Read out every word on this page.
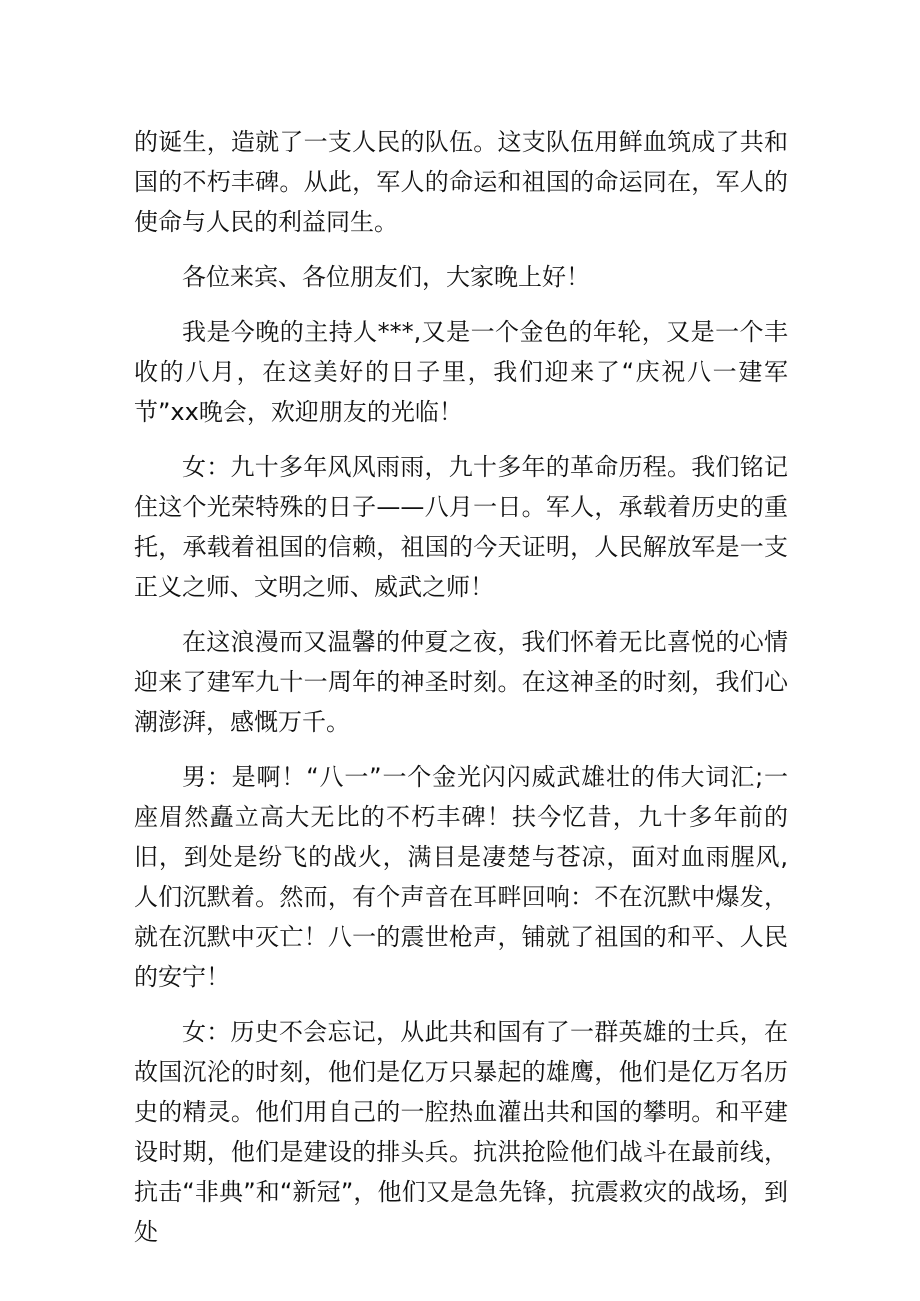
的诞生，造就了一支人民的队伍。这支队伍用鲜血筑成了共和国的不朽丰碑。从此，军人的命运和祖国的命运同在，军人的使命与人民的利益同生。

各位来宾、各位朋友们，大家晚上好！

我是今晚的主持人***,又是一个金色的年轮，又是一个丰收的八月，在这美好的日子里，我们迎来了“庆祝八一建军节”xx晚会，欢迎朋友的光临！

女：九十多年风风雨雨，九十多年的革命历程。我们铭记住这个光荣特殊的日子——八月一日。军人，承载着历史的重托，承载着祖国的信赖，祖国的今天证明，人民解放军是一支正义之师、文明之师、威武之师！

在这浪漫而又温馨的仲夏之夜，我们怀着无比喜悦的心情迎来了建军九十一周年的神圣时刻。在这神圣的时刻，我们心潮澎湃，感慨万千。

男：是啊！“八一”一个金光闪闪威武雄壮的伟大词汇;一座眉然矗立高大无比的不朽丰碑！扶今忆昔，九十多年前的旧，到处是纷飞的战火，满目是凄楚与苍凉，面对血雨腥风,人们沉默着。然而，有个声音在耳畔回响：不在沉默中爆发，就在沉默中灭亡！八一的震世枪声，铺就了祖国的和平、人民的安宁！

女：历史不会忘记，从此共和国有了一群英雄的士兵，在故国沉沦的时刻，他们是亿万只暴起的雄鹰，他们是亿万名历史的精灵。他们用自己的一腔热血灌出共和国的攀明。和平建设时期，他们是建设的排头兵。抗洪抢险他们战斗在最前线，抗击“非典”和“新冠”，他们又是急先锋，抗震救灾的战场，到处
